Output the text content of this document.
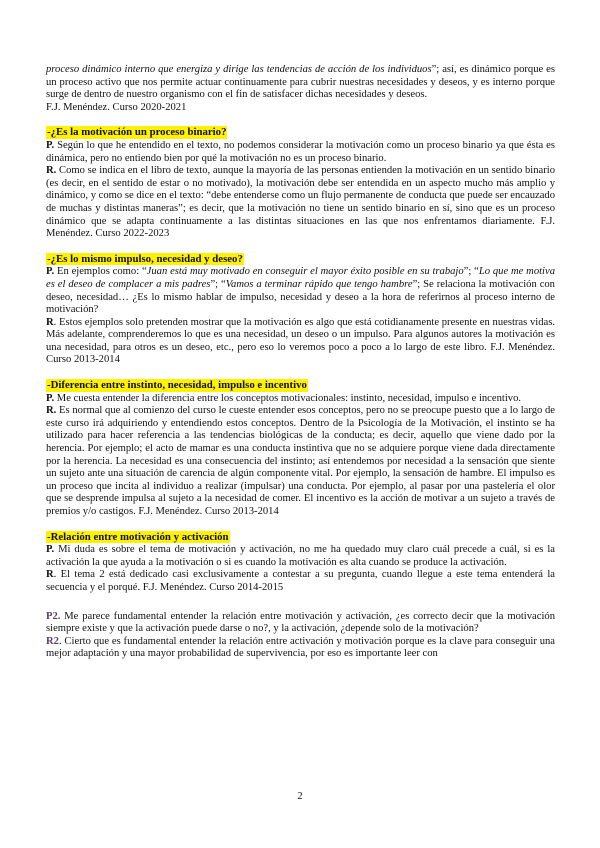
proceso dinámico interno que energiza y dirige las tendencias de acción de los individuos”; así, es dinámico porque es un proceso activo que nos permite actuar continuamente para cubrir nuestras necesidades y deseos, y es interno porque surge de dentro de nuestro organismo con el fin de satisfacer dichas necesidades y deseos.
F.J. Menéndez. Curso 2020-2021

-¿Es la motivación un proceso binario?

P. Según lo que he entendido en el texto, no podemos considerar la motivación como un proceso binario ya que ésta es dinámica, pero no entiendo bien por qué la motivación no es un proceso binario.

R. Como se indica en el libro de texto, aunque la mayoría de las personas entienden la motivación en un sentido binario (es decir, en el sentido de estar o no motivado), la motivación debe ser entendida en un aspecto mucho más amplio y dinámico, y como se dice en el texto: “debe entenderse como un flujo permanente de conducta que puede ser encauzado de muchas y distintas maneras”; es decir, que la motivación no tiene un sentido binario en sí, sino que es un proceso dinámico que se adapta continuamente a las distintas situaciones en las que nos enfrentamos diariamente. F.J. Menéndez. Curso 2022-2023

-¿Es lo mismo impulso, necesidad y deseo?

P. En ejemplos como: “Juan está muy motivado en conseguir el mayor éxito posible en su trabajo”; “Lo que me motiva es el deseo de complacer a mis padres”; “Vamos a terminar rápido que tengo hambre”; Se relaciona la motivación con deseo, necesidad… ¿Es lo mismo hablar de impulso, necesidad y deseo a la hora de referirnos al proceso interno de motivación?

R. Estos ejemplos solo pretenden mostrar que la motivación es algo que está cotidianamente presente en nuestras vidas. Más adelante, comprenderemos lo que es una necesidad, un deseo o un impulso. Para algunos autores la motivación es una necesidad, para otros es un deseo, etc., pero eso lo veremos poco a poco a lo largo de este libro. F.J. Menéndez. Curso 2013-2014

-Diferencia entre instinto, necesidad, impulso e incentivo

P. Me cuesta entender la diferencia entre los conceptos motivacionales: instinto, necesidad, impulso e incentivo.

R. Es normal que al comienzo del curso le cueste entender esos conceptos, pero no se preocupe puesto que a lo largo de este curso irá adquiriendo y entendiendo estos conceptos. Dentro de la Psicología de la Motivación, el instinto se ha utilizado para hacer referencia a las tendencias biológicas de la conducta; es decir, aquello que viene dado por la herencia. Por ejemplo; el acto de mamar es una conducta instintiva que no se adquiere porque viene dada directamente por la herencia. La necesidad es una consecuencia del instinto; así entendemos por necesidad a la sensación que siente un sujeto ante una situación de carencia de algún componente vital. Por ejemplo, la sensación de hambre. El impulso es un proceso que incita al individuo a realizar (impulsar) una conducta. Por ejemplo, al pasar por una pastelería el olor que se desprende impulsa al sujeto a la necesidad de comer. El incentivo es la acción de motivar a un sujeto a través de premios y/o castigos. F.J. Menéndez. Curso 2013-2014

-Relación entre motivación y activación

P. Mi duda es sobre el tema de motivación y activación, no me ha quedado muy claro cuál precede a cuál, si es la activación la que ayuda a la motivación o si es cuando la motivación es alta cuando se produce la activación.

R. El tema 2 está dedicado casi exclusivamente a contestar a su pregunta, cuando llegue a este tema entenderá la secuencia y el porqué. F.J. Menéndez. Curso 2014-2015

P2. Me parece fundamental entender la relación entre motivación y activación, ¿es correcto decir que la motivación siempre existe y que la activación puede darse o no?, y la activación, ¿depende solo de la motivación?

R2. Cierto que es fundamental entender la relación entre activación y motivación porque es la clave para conseguir una mejor adaptación y una mayor probabilidad de supervivencia, por eso es importante leer con

2
